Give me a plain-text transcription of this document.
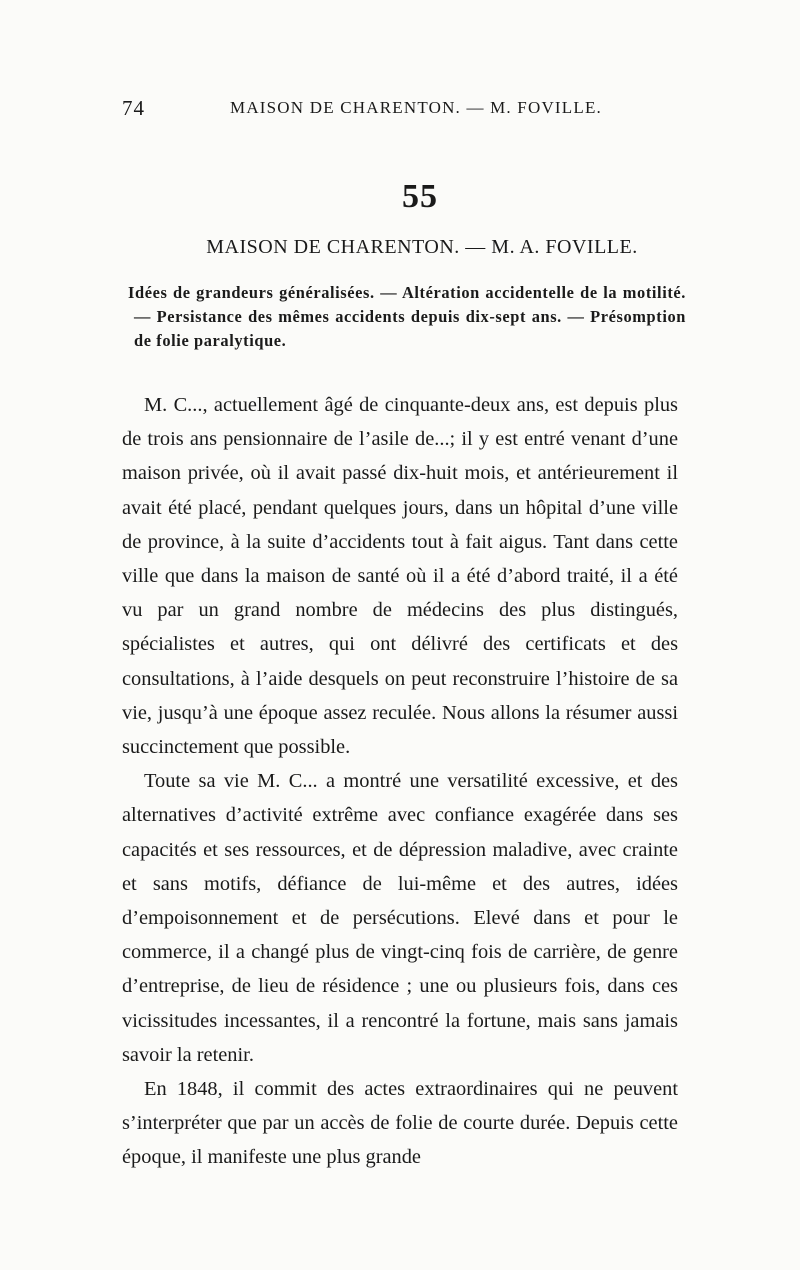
74	MAISON DE CHARENTON. — M. FOVILLE.
55
MAISON DE CHARENTON. — M. A. FOVILLE.
Idées de grandeurs généralisées. — Altération accidentelle de la motilité. — Persistance des mêmes accidents depuis dix-sept ans. — Présomption de folie paralytique.

M. C..., actuellement âgé de cinquante-deux ans, est depuis plus de trois ans pensionnaire de l’asile de...; il y est entré venant d’une maison privée, où il avait passé dix-huit mois, et antérieurement il avait été placé, pendant quelques jours, dans un hôpital d’une ville de province, à la suite d’accidents tout à fait aigus. Tant dans cette ville que dans la maison de santé où il a été d’abord traité, il a été vu par un grand nombre de médecins des plus distingués, spécialistes et autres, qui ont délivré des certificats et des consultations, à l’aide desquels on peut reconstruire l’histoire de sa vie, jusqu’à une époque assez reculée. Nous allons la résumer aussi succinctement que possible.

Toute sa vie M. C... a montré une versatilité excessive, et des alternatives d’activité extrême avec confiance exagérée dans ses capacités et ses ressources, et de dépression maladive, avec crainte et sans motifs, défiance de lui-même et des autres, idées d’empoisonnement et de persécutions. Elevé dans et pour le commerce, il a changé plus de vingt-cinq fois de carrière, de genre d’entreprise, de lieu de résidence ; une ou plusieurs fois, dans ces vicissitudes incessantes, il a rencontré la fortune, mais sans jamais savoir la retenir.

En 1848, il commit des actes extraordinaires qui ne peuvent s’interpréter que par un accès de folie de courte durée. Depuis cette époque, il manifeste une plus grande
